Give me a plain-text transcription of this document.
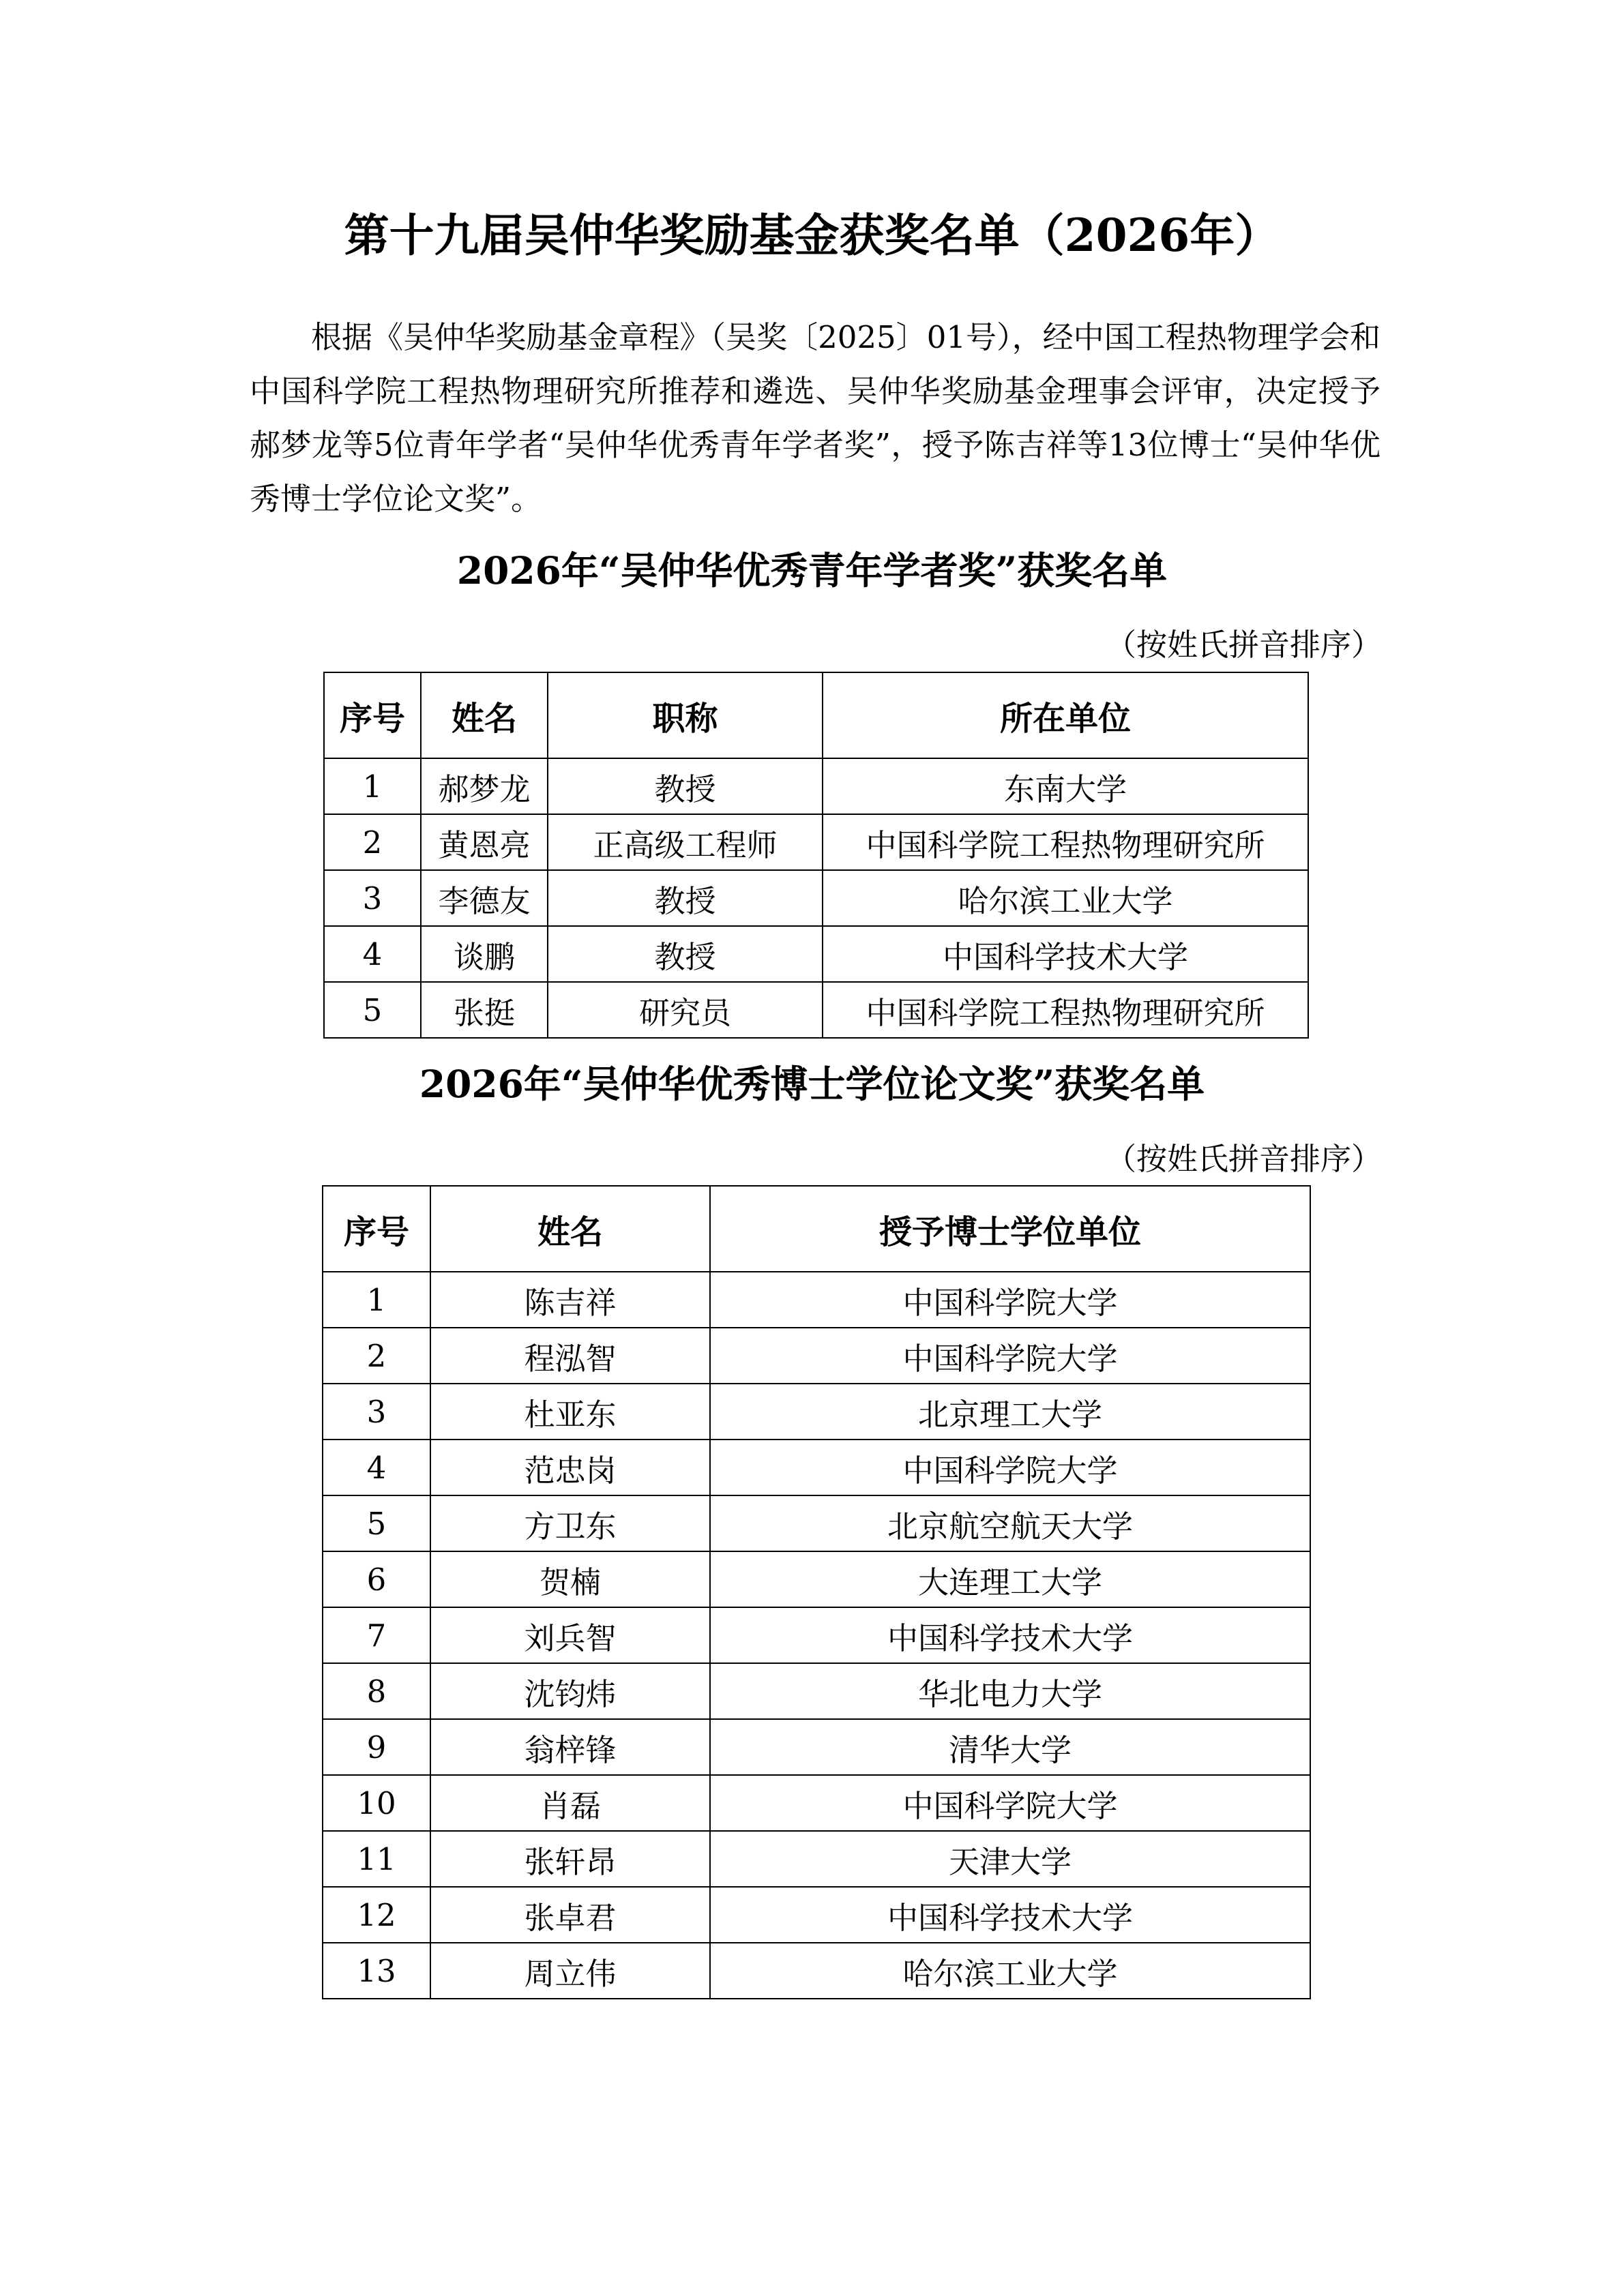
第十九届吴仲华奖励基金获奖名单（2026年）

根据《吴仲华奖励基金章程》（吴奖〔2025〕01号），经中国工程热物理学会和中国科学院工程热物理研究所推荐和遴选、吴仲华奖励基金理事会评审，决定授予郝梦龙等5位青年学者“吴仲华优秀青年学者奖”，授予陈吉祥等13位博士“吴仲华优秀博士学位论文奖”。

2026年“吴仲华优秀青年学者奖”获奖名单
（按姓氏拼音排序）
序号	姓名	职称	所在单位
1	郝梦龙	教授	东南大学
2	黄恩亮	正高级工程师	中国科学院工程热物理研究所
3	李德友	教授	哈尔滨工业大学
4	谈鹏	教授	中国科学技术大学
5	张挺	研究员	中国科学院工程热物理研究所
2026年“吴仲华优秀博士学位论文奖”获奖名单
（按姓氏拼音排序）
序号	姓名	授予博士学位单位
1	陈吉祥	中国科学院大学
2	程泓智	中国科学院大学
3	杜亚东	北京理工大学
4	范忠岗	中国科学院大学
5	方卫东	北京航空航天大学
6	贺楠	大连理工大学
7	刘兵智	中国科学技术大学
8	沈钧炜	华北电力大学
9	翁梓锋	清华大学
10	肖磊	中国科学院大学
11	张轩昂	天津大学
12	张卓君	中国科学技术大学
13	周立伟	哈尔滨工业大学
